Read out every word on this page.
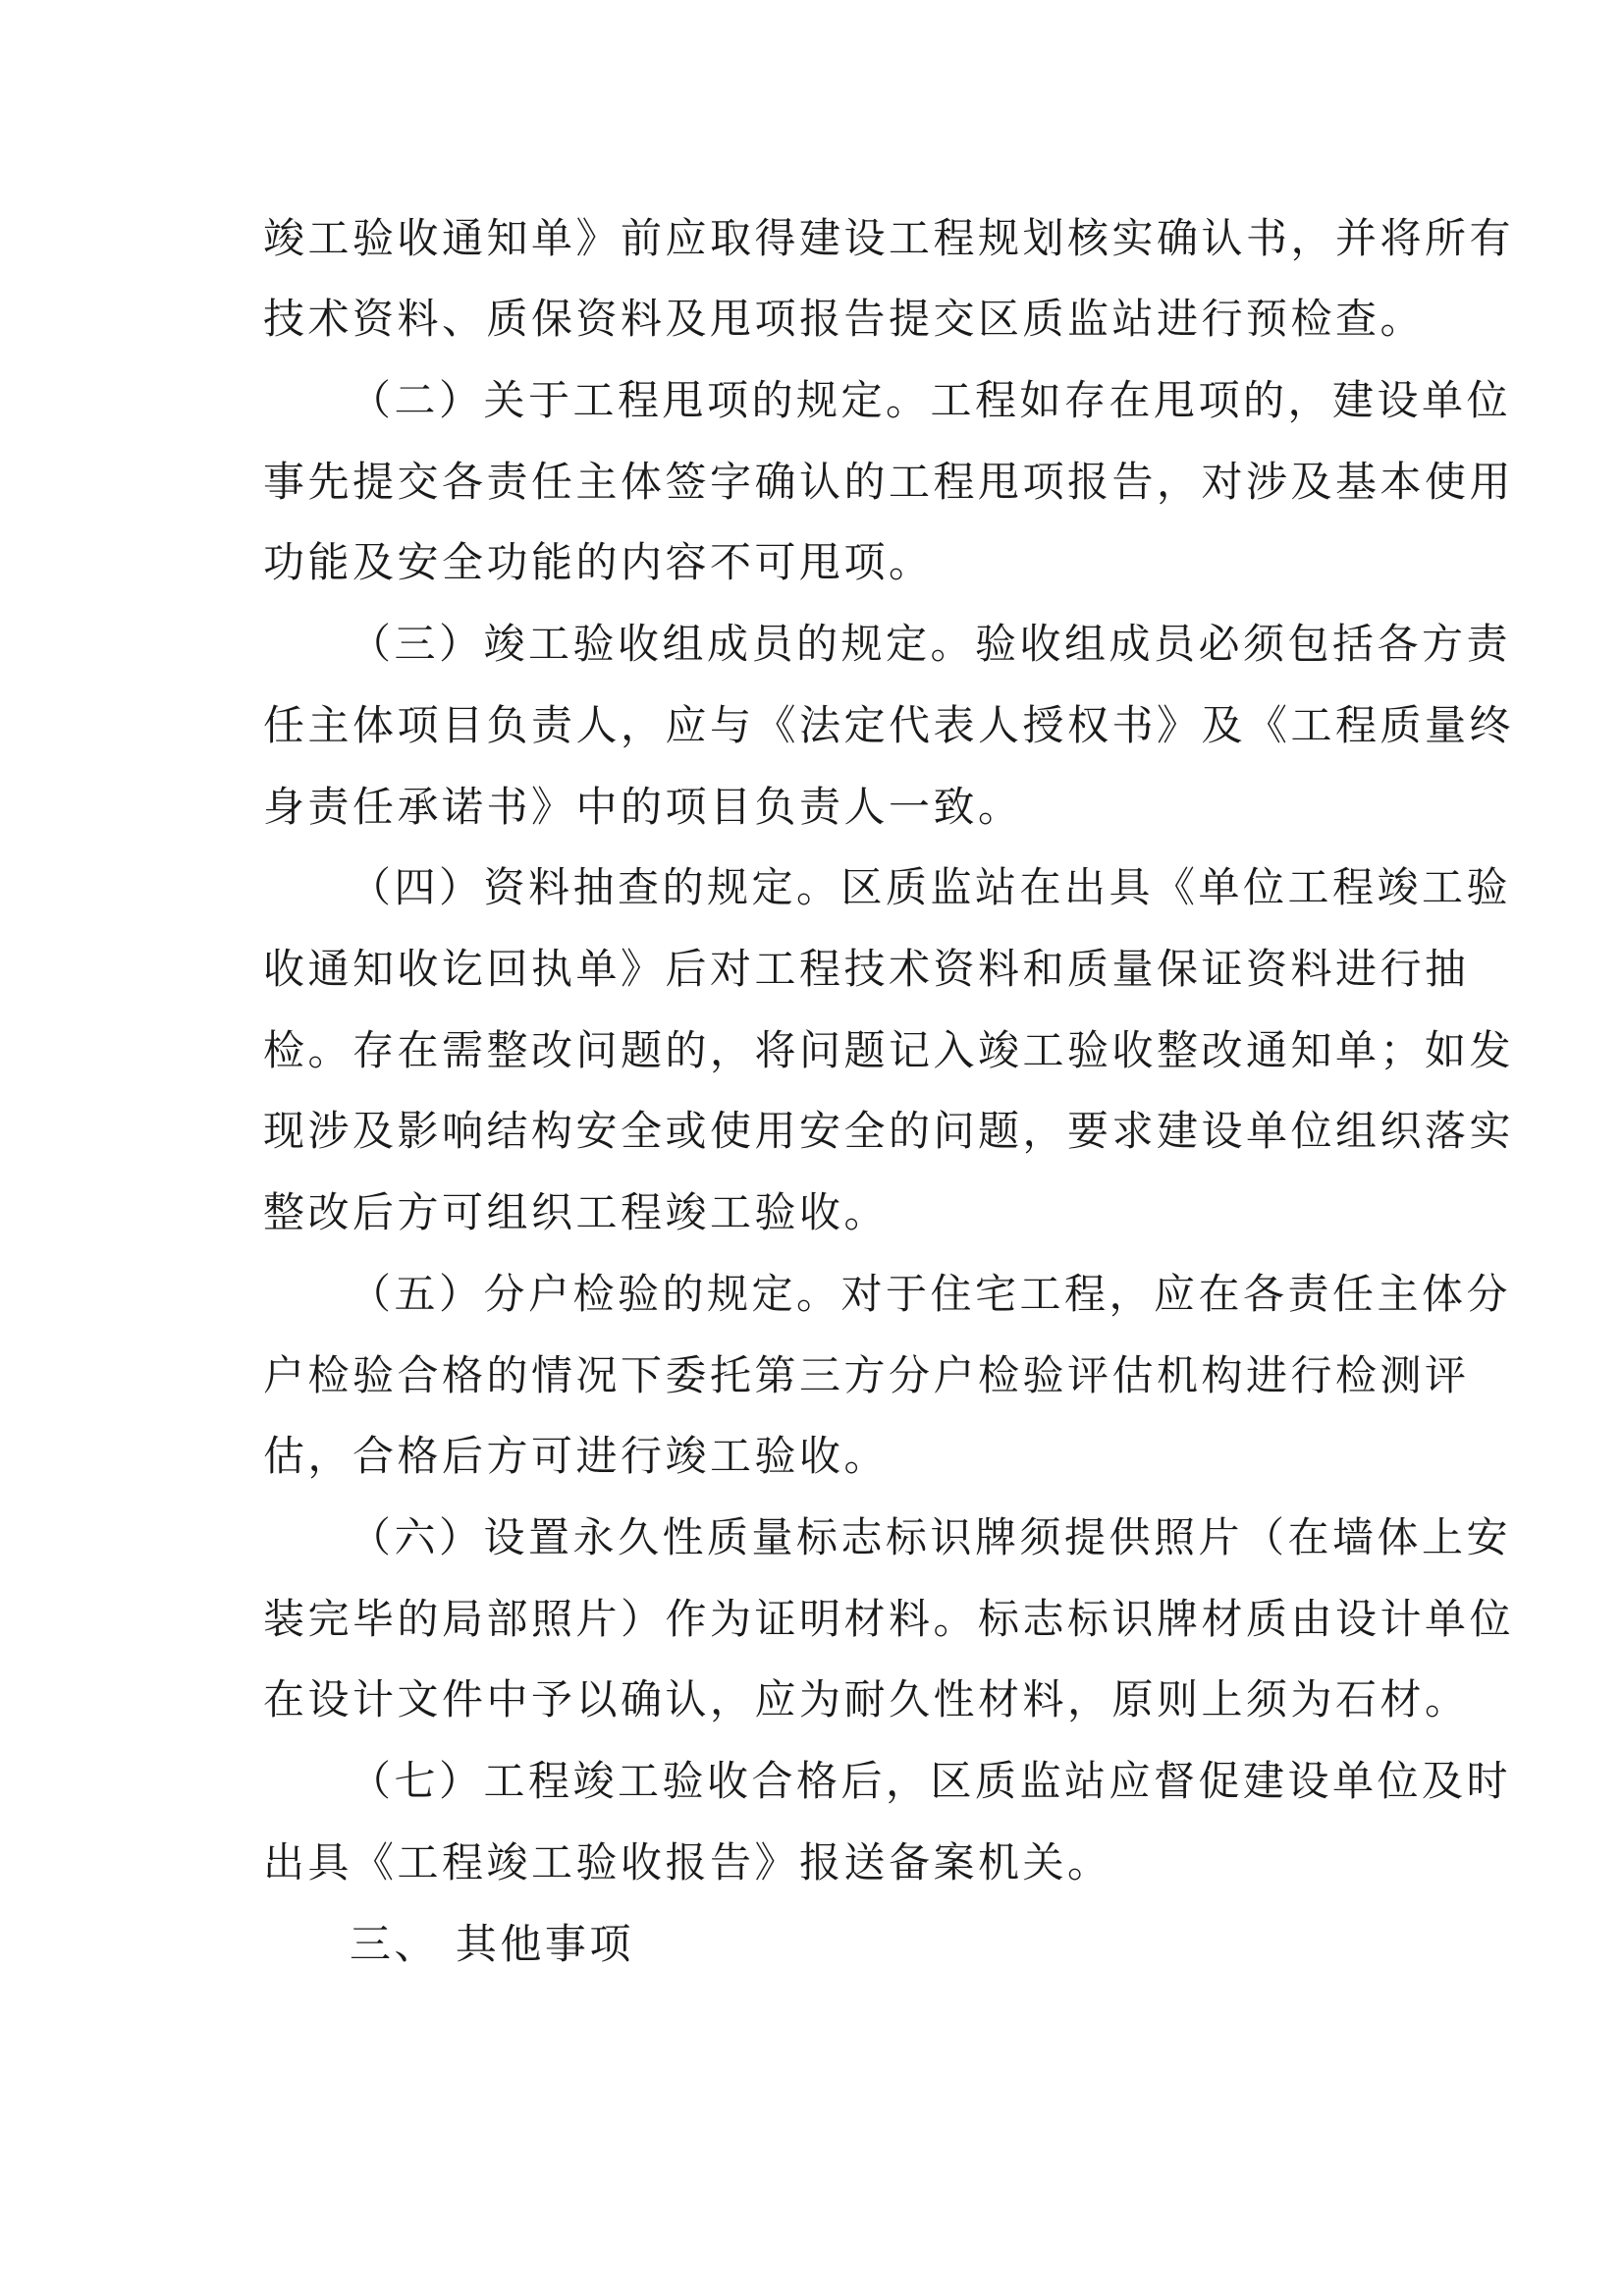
竣工验收通知单》前应取得建设工程规划核实确认书，并将所有
技术资料、质保资料及甩项报告提交区质监站进行预检查。
（二）关于工程甩项的规定。工程如存在甩项的，建设单位
事先提交各责任主体签字确认的工程甩项报告，对涉及基本使用
功能及安全功能的内容不可甩项。
（三）竣工验收组成员的规定。验收组成员必须包括各方责
任主体项目负责人，应与《法定代表人授权书》及《工程质量终
身责任承诺书》中的项目负责人一致。
（四）资料抽查的规定。区质监站在出具《单位工程竣工验
收通知收讫回执单》后对工程技术资料和质量保证资料进行抽
检。存在需整改问题的，将问题记入竣工验收整改通知单；如发
现涉及影响结构安全或使用安全的问题，要求建设单位组织落实
整改后方可组织工程竣工验收。
（五）分户检验的规定。对于住宅工程，应在各责任主体分
户检验合格的情况下委托第三方分户检验评估机构进行检测评
估，合格后方可进行竣工验收。
（六）设置永久性质量标志标识牌须提供照片（在墙体上安
装完毕的局部照片）作为证明材料。标志标识牌材质由设计单位
在设计文件中予以确认，应为耐久性材料，原则上须为石材。
（七）工程竣工验收合格后，区质监站应督促建设单位及时
出具《工程竣工验收报告》报送备案机关。
三、 其他事项
